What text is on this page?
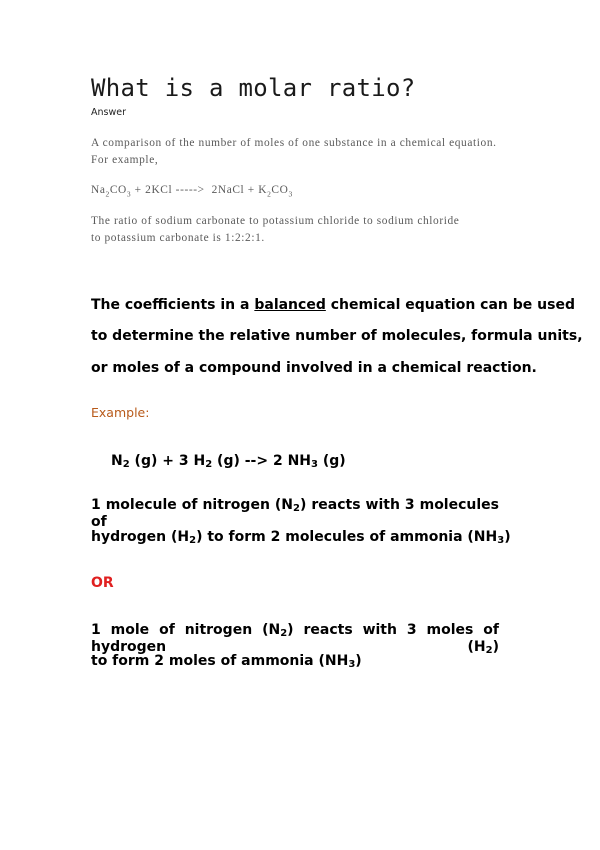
What is a molar ratio?
Answer
A comparison of the number of moles of one substance in a chemical equation.
For example,
$Na_2CO_3 + 2KCl$ ----->  2NaCl + $K_2CO_3$
The ratio of sodium carbonate to potassium chloride to sodium chloride
to potassium carbonate is 1:2:2:1.
The coefficients in a balanced chemical equation can be used
to determine the relative number of molecules, formula units,
or moles of a compound involved in a chemical reaction.
Example:
$N_2$ (g) + 3 $H_2$ (g) --> 2 $NH_3$ (g)
1 molecule of nitrogen $(N_2)$ reacts with 3 molecules of
hydrogen $(H_2)$ to form 2 molecules of ammonia $(NH_3)$
OR
1 mole of nitrogen $(N_2)$ reacts with 3 moles of hydrogen $(H_2)$
to form 2 moles of ammonia $(NH_3)$
